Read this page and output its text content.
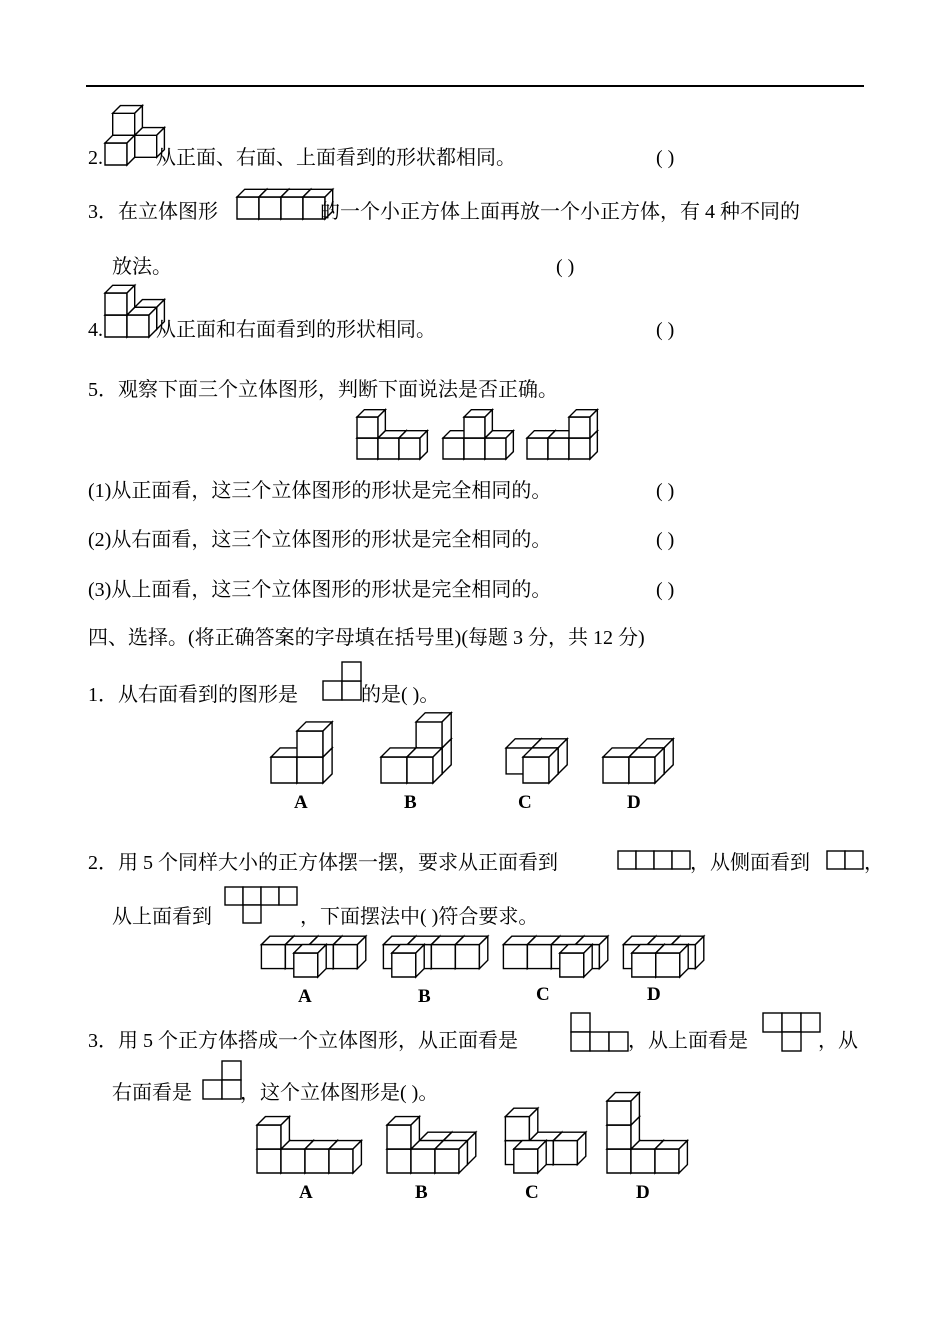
2.	从正面、右面、上面看到的形状都相同。	( )
3．在立体图形	的一个小正方体上面再放一个小正方体，有 4 种不同的
放法。	( )
4.	从正面和右面看到的形状相同。	( )
5．观察下面三个立体图形，判断下面说法是否正确。
(1)从正面看，这三个立体图形的形状是完全相同的。	( )
(2)从右面看，这三个立体图形的形状是完全相同的。	( )
(3)从上面看，这三个立体图形的形状是完全相同的。	( )
四、选择。(将正确答案的字母填在括号里)(每题 3 分，共 12 分)
1．从右面看到的图形是	的是( )。
A	B	C	D
2．用 5 个同样大小的正方体摆一摆，要求从正面看到	，从侧面看到	，
从上面看到	，下面摆法中( )符合要求。
A	B	C	D
3．用 5 个正方体搭成一个立体图形，从正面看是	，从上面看是	，从
右面看是 ，这个立体图形是( )。
A	B	C	D
